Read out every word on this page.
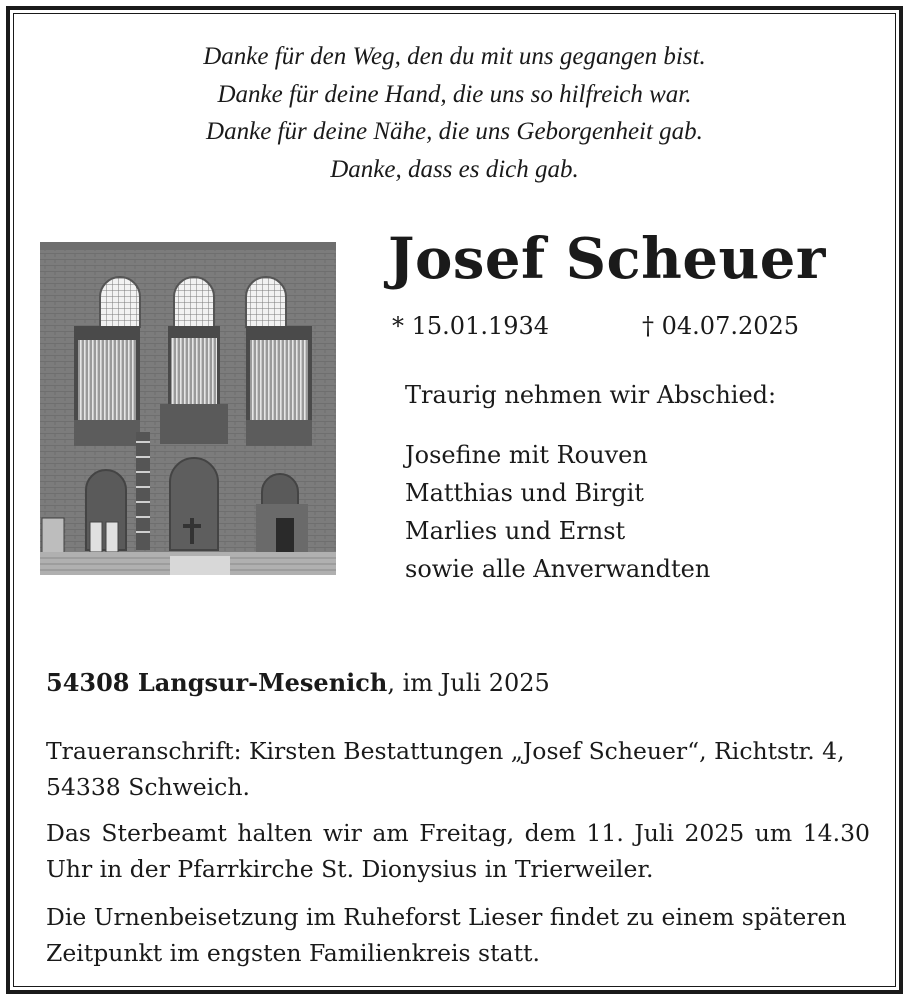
Danke für den Weg, den du mit uns gegangen bist.
Danke für deine Hand, die uns so hilfreich war.
Danke für deine Nähe, die uns Geborgenheit gab.
Danke, dass es dich gab.
Josef Scheuer
* 15.01.1934	† 04.07.2025
Traurig nehmen wir Abschied:
Josefine mit Rouven
Matthias und Birgit
Marlies und Ernst
sowie alle Anverwandten
54308 Langsur-Mesenich, im Juli 2025
Traueranschrift: Kirsten Bestattungen „Josef Scheuer“, Richtstr. 4, 54338 Schweich.
Das Sterbeamt halten wir am Freitag, dem 11. Juli 2025 um 14.30 Uhr in der Pfarrkirche St. Dionysius in Trierweiler.
Die Urnenbeisetzung im Ruheforst Lieser findet zu einem späteren Zeitpunkt im engsten Familienkreis statt.
